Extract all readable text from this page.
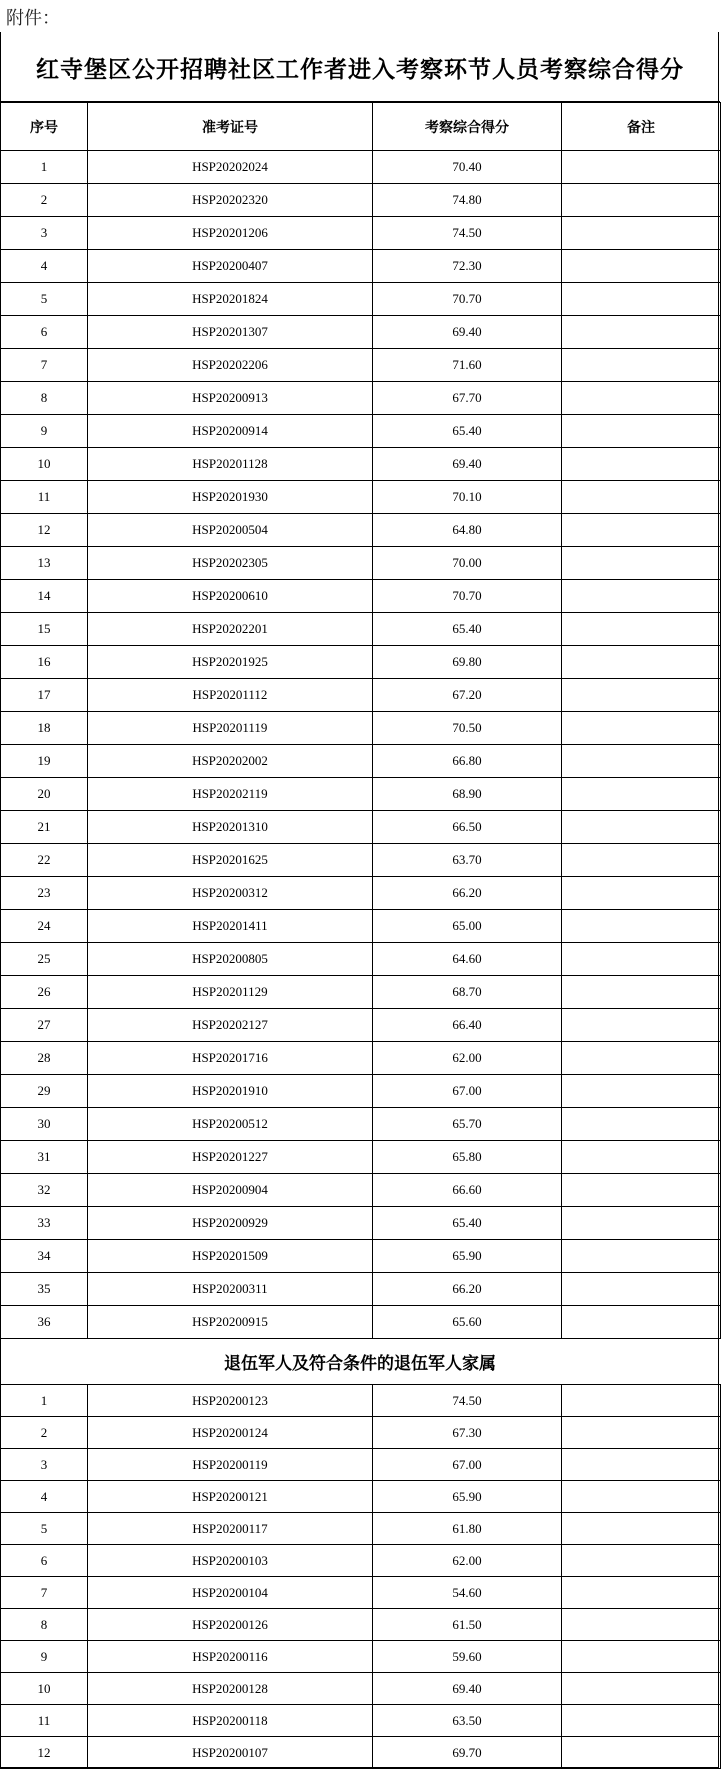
附件：
红寺堡区公开招聘社区工作者进入考察环节人员考察综合得分
序号	准考证号	考察综合得分	备注
1	HSP20202024	70.40	
2	HSP20202320	74.80	
3	HSP20201206	74.50	
4	HSP20200407	72.30	
5	HSP20201824	70.70	
6	HSP20201307	69.40	
7	HSP20202206	71.60	
8	HSP20200913	67.70	
9	HSP20200914	65.40	
10	HSP20201128	69.40	
11	HSP20201930	70.10	
12	HSP20200504	64.80	
13	HSP20202305	70.00	
14	HSP20200610	70.70	
15	HSP20202201	65.40	
16	HSP20201925	69.80	
17	HSP20201112	67.20	
18	HSP20201119	70.50	
19	HSP20202002	66.80	
20	HSP20202119	68.90	
21	HSP20201310	66.50	
22	HSP20201625	63.70	
23	HSP20200312	66.20	
24	HSP20201411	65.00	
25	HSP20200805	64.60	
26	HSP20201129	68.70	
27	HSP20202127	66.40	
28	HSP20201716	62.00	
29	HSP20201910	67.00	
30	HSP20200512	65.70	
31	HSP20201227	65.80	
32	HSP20200904	66.60	
33	HSP20200929	65.40	
34	HSP20201509	65.90	
35	HSP20200311	66.20	
36	HSP20200915	65.60	
退伍军人及符合条件的退伍军人家属
1	HSP20200123	74.50	
2	HSP20200124	67.30	
3	HSP20200119	67.00	
4	HSP20200121	65.90	
5	HSP20200117	61.80	
6	HSP20200103	62.00	
7	HSP20200104	54.60	
8	HSP20200126	61.50	
9	HSP20200116	59.60	
10	HSP20200128	69.40	
11	HSP20200118	63.50	
12	HSP20200107	69.70	
